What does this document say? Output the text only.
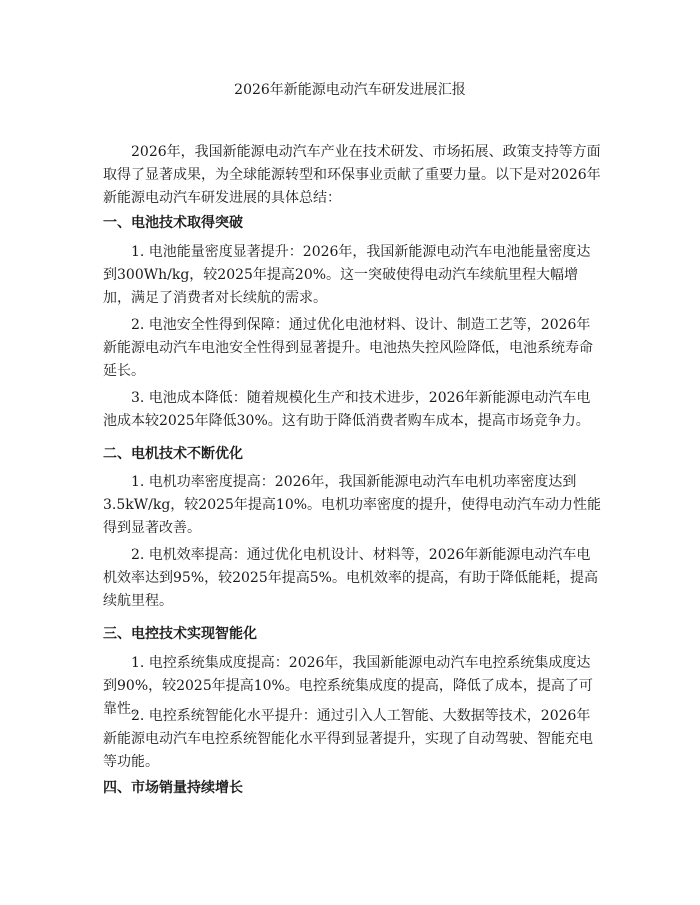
2026年新能源电动汽车研发进展汇报

2026年，我国新能源电动汽车产业在技术研发、市场拓展、政策支持等方面取得了显著成果，为全球能源转型和环保事业贡献了重要力量。以下是对2026年新能源电动汽车研发进展的具体总结：

一、电池技术取得突破

1. 电池能量密度显著提升：2026年，我国新能源电动汽车电池能量密度达到300Wh/kg，较2025年提高20%。这一突破使得电动汽车续航里程大幅增加，满足了消费者对长续航的需求。

2. 电池安全性得到保障：通过优化电池材料、设计、制造工艺等，2026年新能源电动汽车电池安全性得到显著提升。电池热失控风险降低，电池系统寿命延长。

3. 电池成本降低：随着规模化生产和技术进步，2026年新能源电动汽车电池成本较2025年降低30%。这有助于降低消费者购车成本，提高市场竞争力。

二、电机技术不断优化

1. 电机功率密度提高：2026年，我国新能源电动汽车电机功率密度达到3.5kW/kg，较2025年提高10%。电机功率密度的提升，使得电动汽车动力性能得到显著改善。

2. 电机效率提高：通过优化电机设计、材料等，2026年新能源电动汽车电机效率达到95%，较2025年提高5%。电机效率的提高，有助于降低能耗，提高续航里程。

三、电控技术实现智能化

1. 电控系统集成度提高：2026年，我国新能源电动汽车电控系统集成度达到90%，较2025年提高10%。电控系统集成度的提高，降低了成本，提高了可靠性。

2. 电控系统智能化水平提升：通过引入人工智能、大数据等技术，2026年新能源电动汽车电控系统智能化水平得到显著提升，实现了自动驾驶、智能充电等功能。

四、市场销量持续增长
